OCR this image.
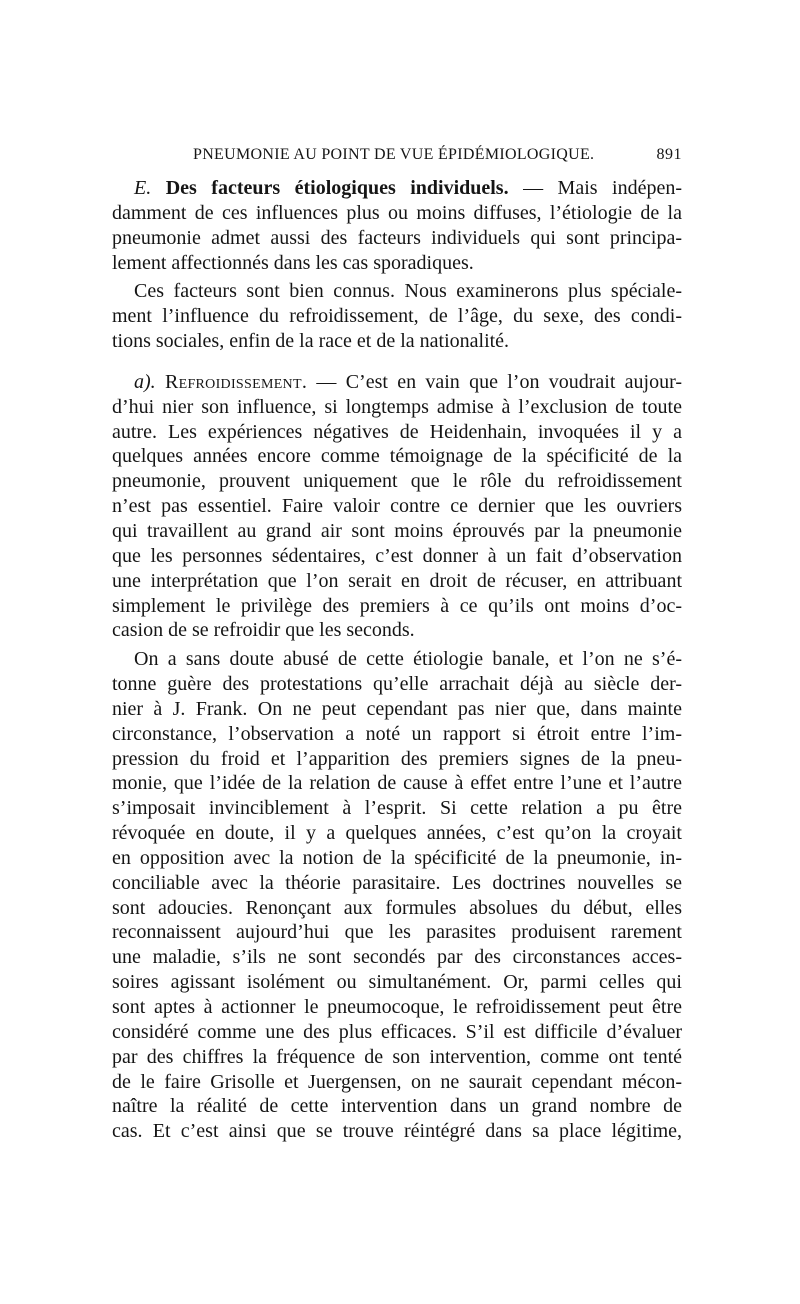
PNEUMONIE AU POINT DE VUE ÉPIDÉMIOLOGIQUE.	891
E. Des facteurs étiologiques individuels. — Mais indépen-
damment de ces influences plus ou moins diffuses, l’étiologie de la
pneumonie admet aussi des facteurs individuels qui sont principa-
lement affectionnés dans les cas sporadiques.
Ces facteurs sont bien connus. Nous examinerons plus spéciale-
ment l’influence du refroidissement, de l’âge, du sexe, des condi-
tions sociales, enfin de la race et de la nationalité.
a). Refroidissement. — C’est en vain que l’on voudrait aujour-
d’hui nier son influence, si longtemps admise à l’exclusion de toute
autre. Les expériences négatives de Heidenhain, invoquées il y a
quelques années encore comme témoignage de la spécificité de la
pneumonie, prouvent uniquement que le rôle du refroidissement
n’est pas essentiel. Faire valoir contre ce dernier que les ouvriers
qui travaillent au grand air sont moins éprouvés par la pneumonie
que les personnes sédentaires, c’est donner à un fait d’observation
une interprétation que l’on serait en droit de récuser, en attribuant
simplement le privilège des premiers à ce qu’ils ont moins d’oc-
casion de se refroidir que les seconds.
On a sans doute abusé de cette étiologie banale, et l’on ne s’é-
tonne guère des protestations qu’elle arrachait déjà au siècle der-
nier à J. Frank. On ne peut cependant pas nier que, dans mainte
circonstance, l’observation a noté un rapport si étroit entre l’im-
pression du froid et l’apparition des premiers signes de la pneu-
monie, que l’idée de la relation de cause à effet entre l’une et l’autre
s’imposait invinciblement à l’esprit. Si cette relation a pu être
révoquée en doute, il y a quelques années, c’est qu’on la croyait
en opposition avec la notion de la spécificité de la pneumonie, in-
conciliable avec la théorie parasitaire. Les doctrines nouvelles se
sont adoucies. Renonçant aux formules absolues du début, elles
reconnaissent aujourd’hui que les parasites produisent rarement
une maladie, s’ils ne sont secondés par des circonstances acces-
soires agissant isolément ou simultanément. Or, parmi celles qui
sont aptes à actionner le pneumocoque, le refroidissement peut être
considéré comme une des plus efficaces. S’il est difficile d’évaluer
par des chiffres la fréquence de son intervention, comme ont tenté
de le faire Grisolle et Juergensen, on ne saurait cependant mécon-
naître la réalité de cette intervention dans un grand nombre de
cas. Et c’est ainsi que se trouve réintégré dans sa place légitime,
